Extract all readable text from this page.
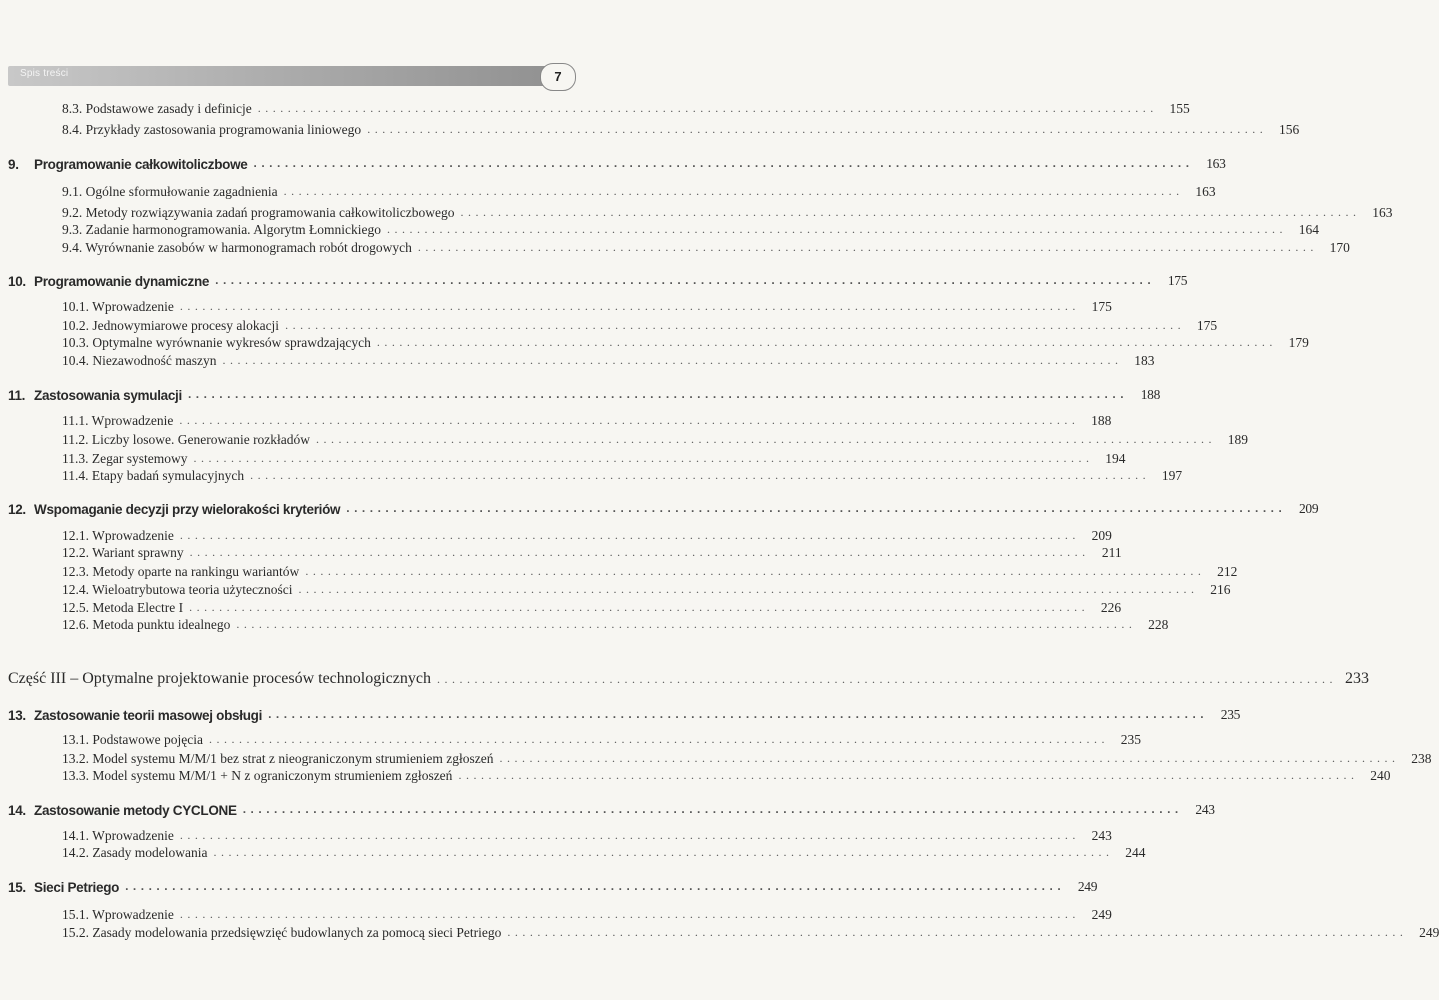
Spis treści	7
8.3. Podstawowe zasady i definicje ........................................................................................................................ 155
8.4. Przykłady zastosowania programowania liniowego ........................................................................................................................ 156
9.	Programowanie całkowitoliczbowe ........................................................................................................................ 163
9.1. Ogólne sformułowanie zagadnienia ........................................................................................................................ 163
9.2. Metody rozwiązywania zadań programowania całkowitoliczbowego ........................................................................................................................ 163
9.3. Zadanie harmonogramowania. Algorytm Łomnickiego ........................................................................................................................ 164
9.4. Wyrównanie zasobów w harmonogramach robót drogowych ........................................................................................................................ 170
10. Programowanie dynamiczne ........................................................................................................................ 175
10.1. Wprowadzenie ........................................................................................................................ 175
10.2. Jednowymiarowe procesy alokacji ........................................................................................................................ 175
10.3. Optymalne wyrównanie wykresów sprawdzających ........................................................................................................................ 179
10.4. Niezawodność maszyn ........................................................................................................................ 183
11. Zastosowania symulacji ........................................................................................................................ 188
11.1. Wprowadzenie ........................................................................................................................ 188
11.2. Liczby losowe. Generowanie rozkładów ........................................................................................................................ 189
11.3. Zegar systemowy ........................................................................................................................ 194
11.4. Etapy badań symulacyjnych ........................................................................................................................ 197
12. Wspomaganie decyzji przy wielorakości kryteriów ........................................................................................................................ 209
12.1. Wprowadzenie ........................................................................................................................ 209
12.2. Wariant sprawny ........................................................................................................................ 211
12.3. Metody oparte na rankingu wariantów ........................................................................................................................ 212
12.4. Wieloatrybutowa teoria użyteczności ........................................................................................................................ 216
12.5. Metoda Electre I ........................................................................................................................ 226
12.6. Metoda punktu idealnego ........................................................................................................................ 228
Część III – Optymalne projektowanie procesów technologicznych ........................................................................................................................ 233
13. Zastosowanie teorii masowej obsługi ........................................................................................................................ 235
13.1. Podstawowe pojęcia ........................................................................................................................ 235
13.2. Model systemu M/M/1 bez strat z nieograniczonym strumieniem zgłoszeń ........................................................................................................................ 238
13.3. Model systemu M/M/1 + N z ograniczonym strumieniem zgłoszeń ........................................................................................................................ 240
14. Zastosowanie metody CYCLONE ........................................................................................................................ 243
14.1. Wprowadzenie ........................................................................................................................ 243
14.2. Zasady modelowania ........................................................................................................................ 244
15. Sieci Petriego ........................................................................................................................ 249
15.1. Wprowadzenie ........................................................................................................................ 249
15.2. Zasady modelowania przedsięwzięć budowlanych za pomocą sieci Petriego ........................................................................................................................ 249
